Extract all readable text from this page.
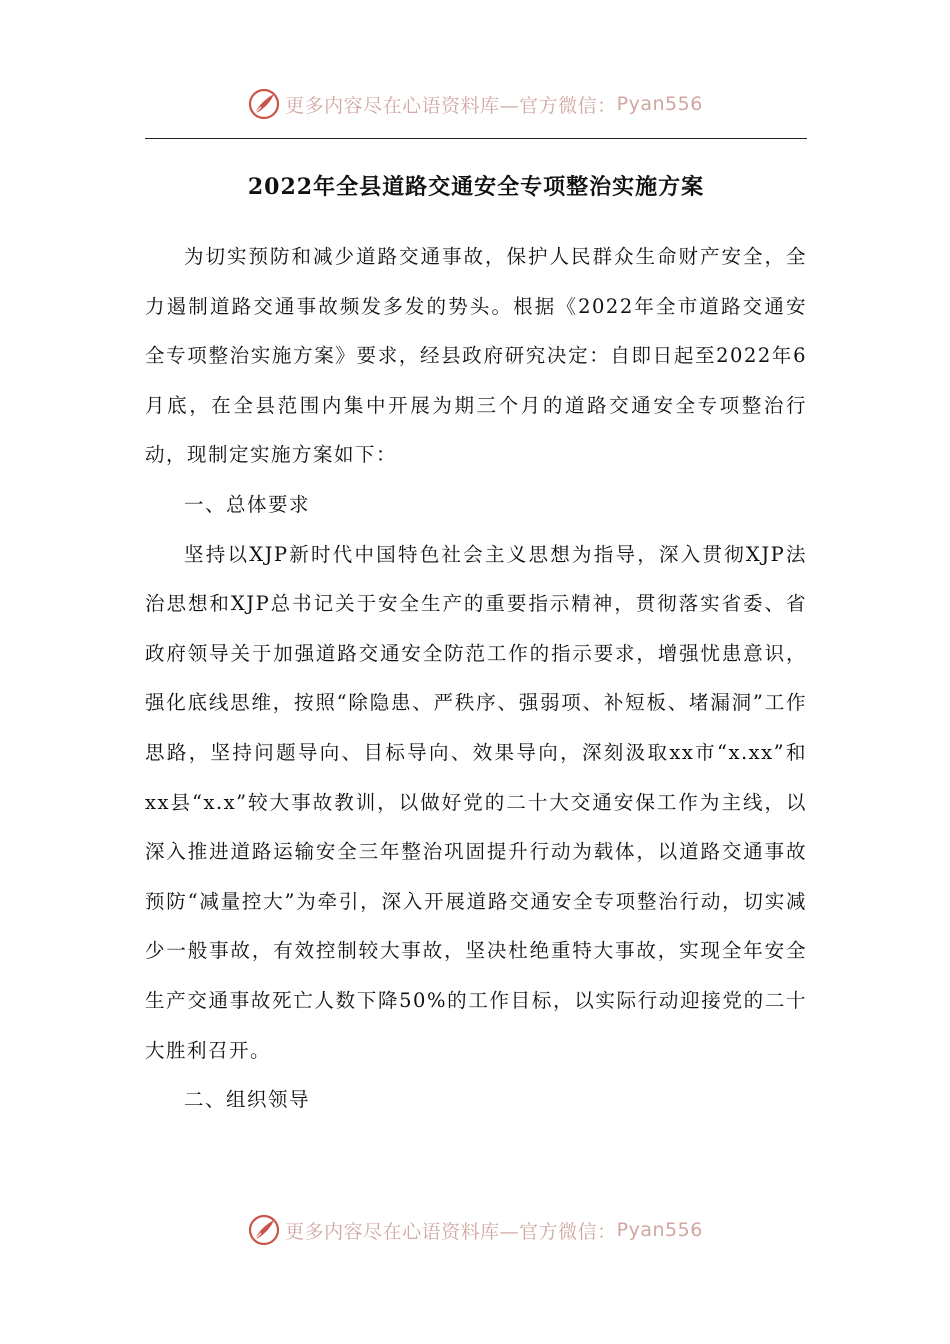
更多内容尽在心语资料库—官方微信： Pyan556
2022年全县道路交通安全专项整治实施方案

为切实预防和减少道路交通事故，保护人民群众生命财产安全，全力遏制道路交通事故频发多发的势头。根据《2022年全市道路交通安全专项整治实施方案》要求，经县政府研究决定：自即日起至2022年6月底，在全县范围内集中开展为期三个月的道路交通安全专项整治行动，现制定实施方案如下：

一、总体要求

坚持以XJP新时代中国特色社会主义思想为指导，深入贯彻XJP法治思想和XJP总书记关于安全生产的重要指示精神，贯彻落实省委、省政府领导关于加强道路交通安全防范工作的指示要求，增强忧患意识，强化底线思维，按照“除隐患、严秩序、强弱项、补短板、堵漏洞”工作思路，坚持问题导向、目标导向、效果导向，深刻汲取xx市“x.xx”和xx县“x.x”较大事故教训，以做好党的二十大交通安保工作为主线，以深入推进道路运输安全三年整治巩固提升行动为载体，以道路交通事故预防“减量控大”为牵引，深入开展道路交通安全专项整治行动，切实减少一般事故，有效控制较大事故，坚决杜绝重特大事故，实现全年安全生产交通事故死亡人数下降50%的工作目标，以实际行动迎接党的二十大胜利召开。

二、组织领导

更多内容尽在心语资料库—官方微信： Pyan556
